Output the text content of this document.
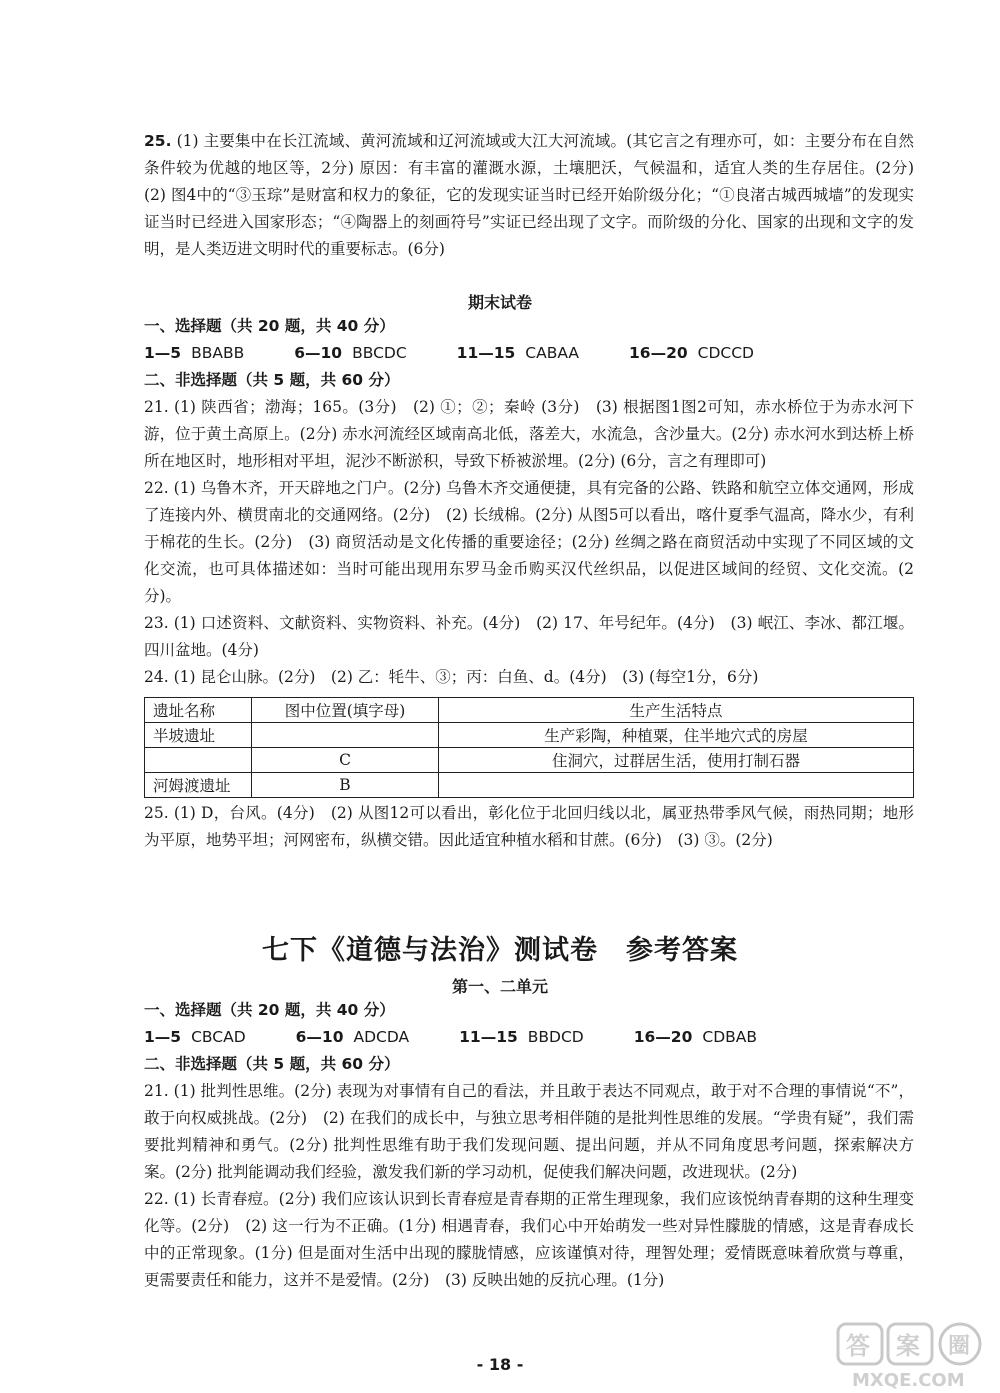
25. (1) 主要集中在长江流域、黄河流域和辽河流域或大江大河流域。(其它言之有理亦可，如：主要分布在自然条件较为优越的地区等，2分) 原因：有丰富的灌溉水源，土壤肥沃，气候温和，适宜人类的生存居住。(2分)　(2) 图4中的“③玉琮”是财富和权力的象征，它的发现实证当时已经开始阶级分化；“①良渚古城西城墙”的发现实证当时已经进入国家形态；“④陶器上的刻画符号”实证已经出现了文字。而阶级的分化、国家的出现和文字的发明，是人类迈进文明时代的重要标志。(6分)

期末试卷
一、选择题（共 20 题，共 40 分）
1—5 BBABB	6—10 BBCDC	11—15 CABAA	16—20 CDCCD
二、非选择题（共 5 题，共 60 分）

21. (1) 陕西省；渤海；165。(3分)　(2) ①；②；秦岭 (3分)　(3) 根据图1图2可知，赤水桥位于为赤水河下游，位于黄土高原上。(2分) 赤水河流经区域南高北低，落差大，水流急，含沙量大。(2分) 赤水河水到达桥上桥所在地区时，地形相对平坦，泥沙不断淤积，导致下桥被淤埋。(2分) (6分，言之有理即可)

22. (1) 乌鲁木齐，开天辟地之门户。(2分) 乌鲁木齐交通便捷，具有完备的公路、铁路和航空立体交通网，形成了连接内外、横贯南北的交通网络。(2分)　(2) 长绒棉。(2分) 从图5可以看出，喀什夏季气温高，降水少，有利于棉花的生长。(2分)　(3) 商贸活动是文化传播的重要途径；(2分) 丝绸之路在商贸活动中实现了不同区域的文化交流，也可具体描述如：当时可能出现用东罗马金币购买汉代丝织品，以促进区域间的经贸、文化交流。(2分)。

23. (1) 口述资料、文献资料、实物资料、补充。(4分)　(2) 17、年号纪年。(4分)　(3) 岷江、李冰、都江堰。四川盆地。(4分)

24. (1) 昆仑山脉。(2分)　(2) 乙：牦牛、③；丙：白鱼、d。(4分)　(3) (每空1分，6分)

遗址名称	图中位置(填字母)	生产生活特点
半坡遗址		生产彩陶，种植粟，住半地穴式的房屋
	C	住洞穴，过群居生活，使用打制石器
河姆渡遗址	B	

25. (1) D，台风。(4分)　(2) 从图12可以看出，彰化位于北回归线以北，属亚热带季风气候，雨热同期；地形为平原，地势平坦；河网密布，纵横交错。因此适宜种植水稻和甘蔗。(6分)　(3) ③。(2分)

七下《道德与法治》测试卷　参考答案
第一、二单元
一、选择题（共 20 题，共 40 分）
1—5 CBCAD	6—10 ADCDA	11—15 BBDCD	16—20 CDBAB
二、非选择题（共 5 题，共 60 分）

21. (1) 批判性思维。(2分) 表现为对事情有自己的看法，并且敢于表达不同观点，敢于对不合理的事情说“不”，敢于向权威挑战。(2分)　(2) 在我们的成长中，与独立思考相伴随的是批判性思维的发展。“学贵有疑”，我们需要批判精神和勇气。(2分) 批判性思维有助于我们发现问题、提出问题，并从不同角度思考问题，探索解决方案。(2分) 批判能调动我们经验，激发我们新的学习动机，促使我们解决问题，改进现状。(2分)

22. (1) 长青春痘。(2分) 我们应该认识到长青春痘是青春期的正常生理现象，我们应该悦纳青春期的这种生理变化等。(2分)　(2) 这一行为不正确。(1分) 相遇青春，我们心中开始萌发一些对异性朦胧的情感，这是青春成长中的正常现象。(1分) 但是面对生活中出现的朦胧情感，应该谨慎对待，理智处理；爱情既意味着欣赏与尊重，更需要责任和能力，这并不是爱情。(2分)　(3) 反映出她的反抗心理。(1分)

- 18 -
答 案 圈
MXQE.COM
